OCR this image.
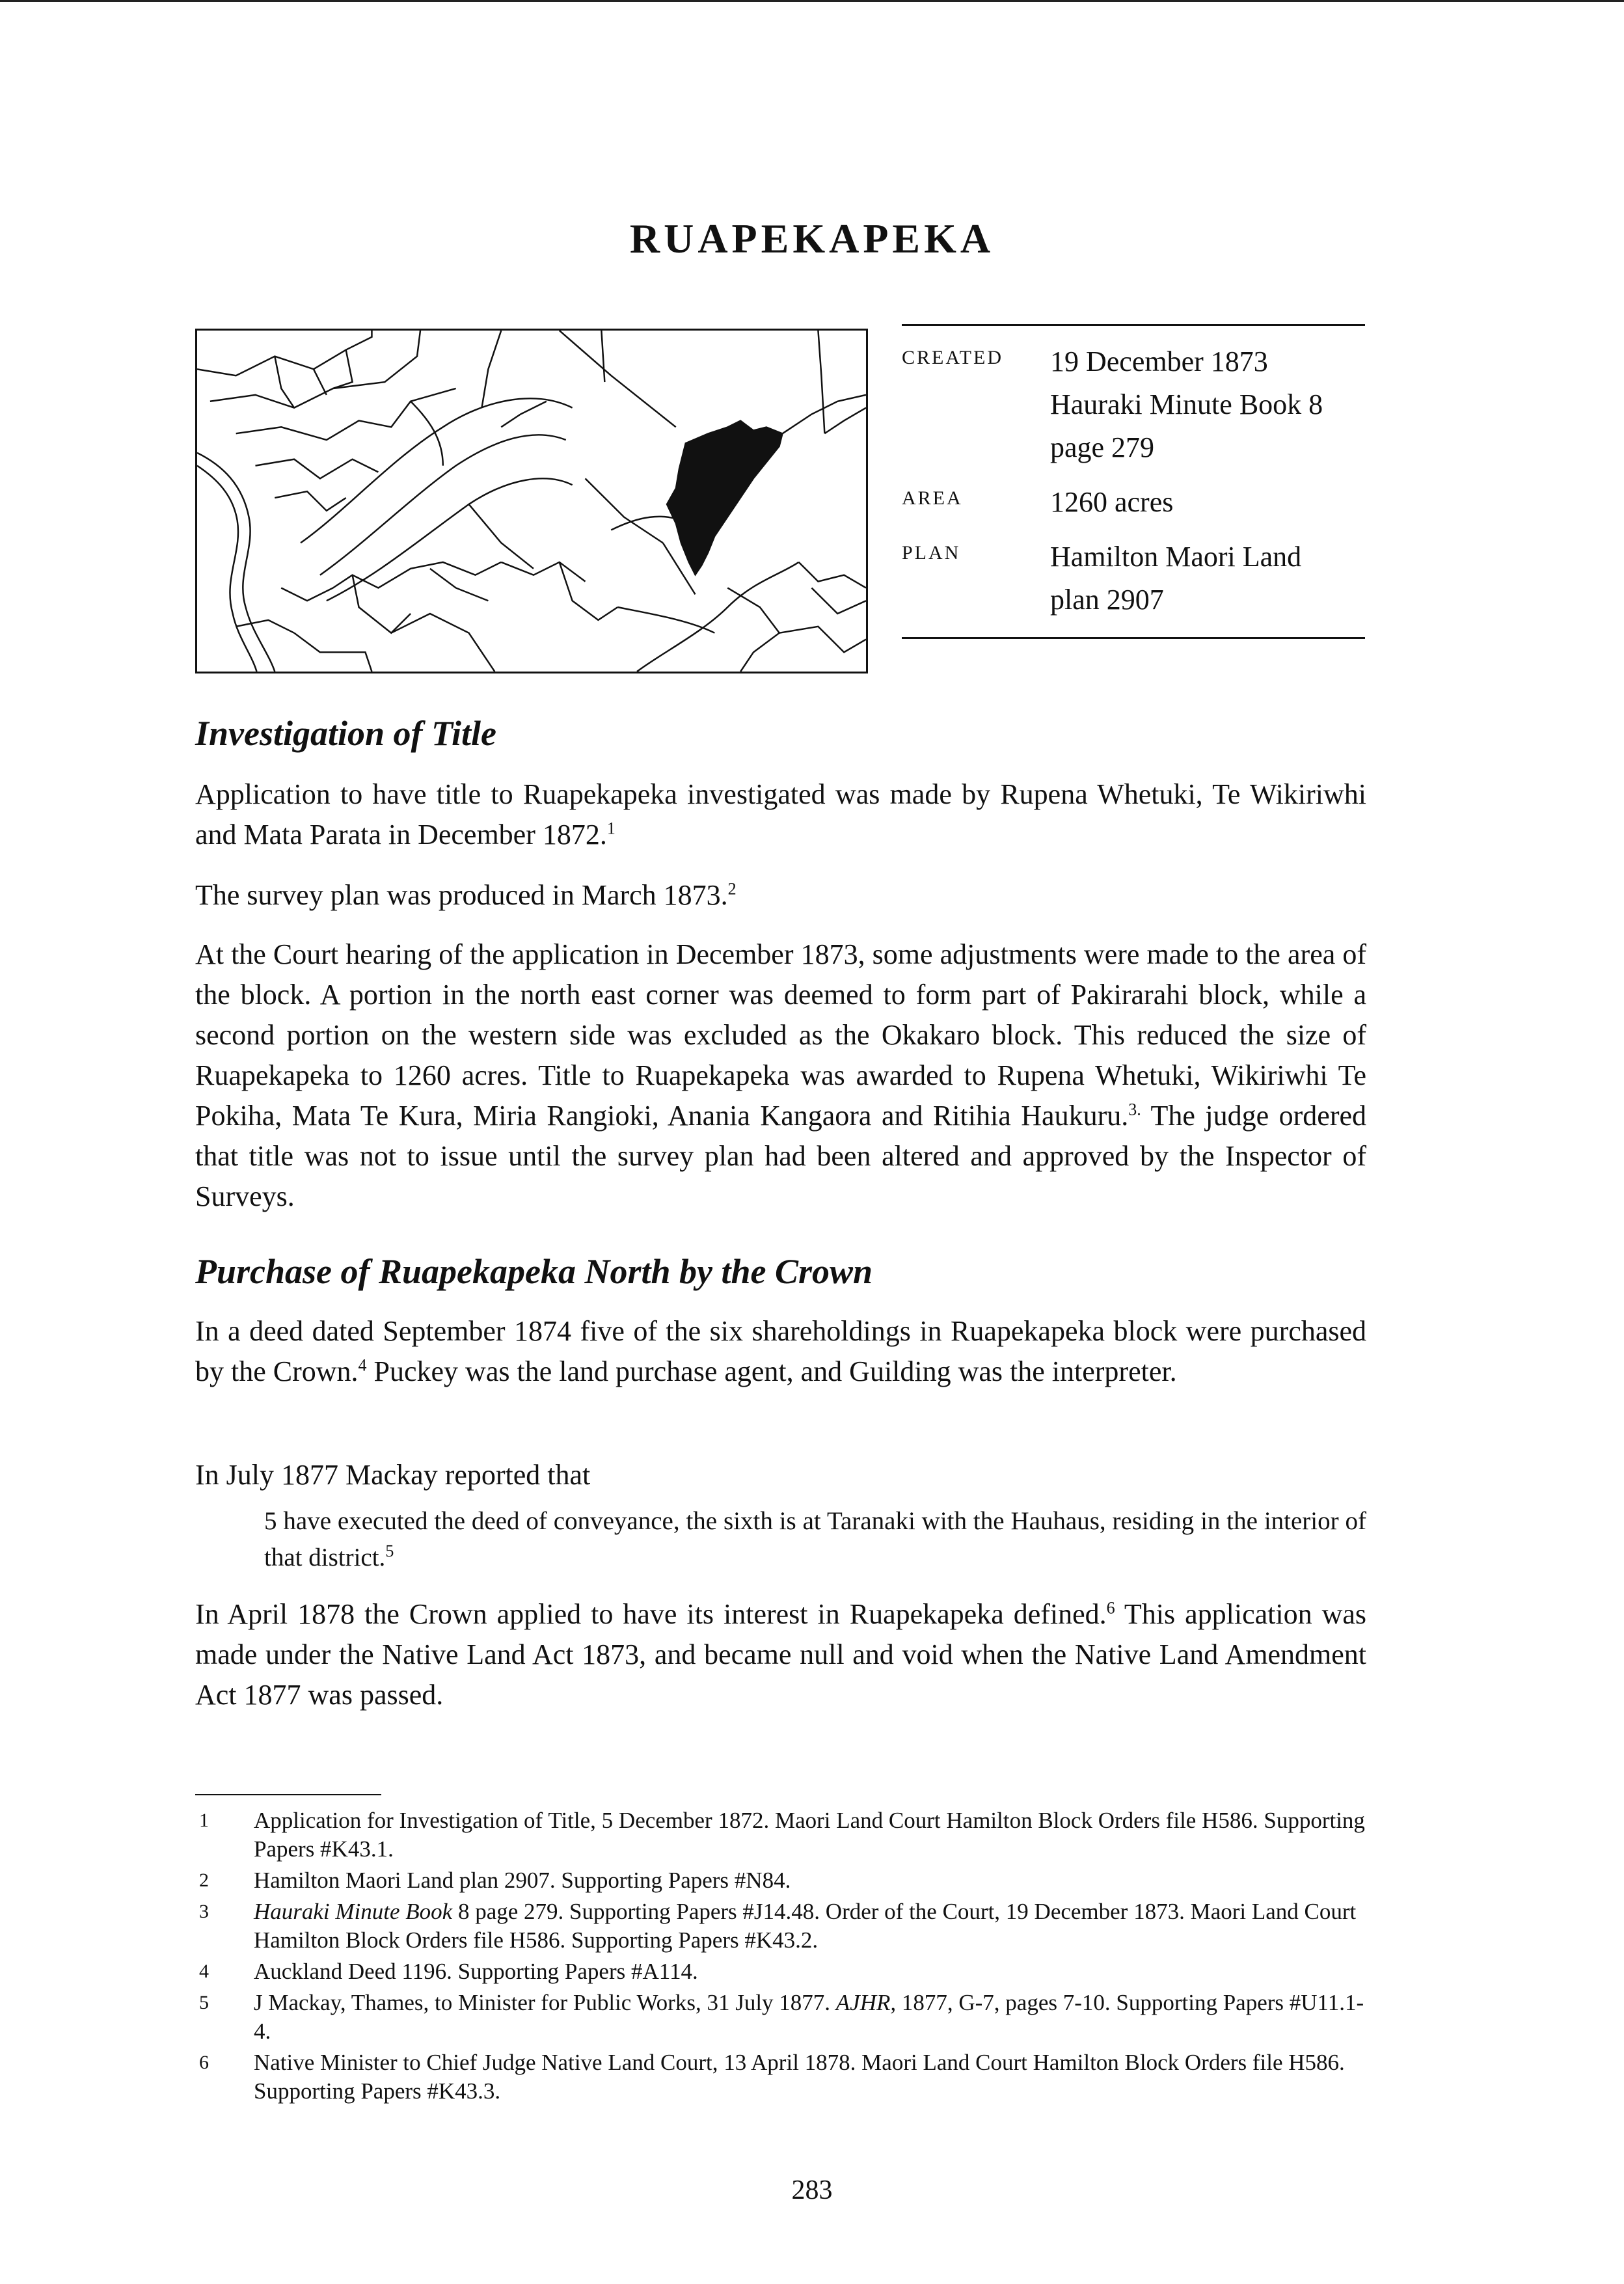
RUAPEKAPEKA
CREATED	19 December 1873
Hauraki Minute Book 8
page 279
AREA	1260 acres
PLAN	Hamilton Maori Land
plan 2907
Investigation of Title

Application to have title to Ruapekapeka investigated was made by Rupena Whetuki, Te Wikiriwhi and Mata Parata in December 1872.$^1$

The survey plan was produced in March 1873.$^2$

At the Court hearing of the application in December 1873, some adjustments were made to the area of the block. A portion in the north east corner was deemed to form part of Pakirarahi block, while a second portion on the western side was excluded as the Okakaro block. This reduced the size of Ruapekapeka to 1260 acres. Title to Ruapekapeka was awarded to Rupena Whetuki, Wikiriwhi Te Pokiha, Mata Te Kura, Miria Rangioki, Anania Kangaora and Ritihia Haukuru.$^{3.}$ The judge ordered that title was not to issue until the survey plan had been altered and approved by the Inspector of Surveys.

Purchase of Ruapekapeka North by the Crown

In a deed dated September 1874 five of the six shareholdings in Ruapekapeka block were purchased by the Crown.$^4$ Puckey was the land purchase agent, and Guilding was the interpreter.

In July 1877 Mackay reported that

5 have executed the deed of conveyance, the sixth is at Taranaki with the Hauhaus, residing in the interior of that district.$^5$

In April 1878 the Crown applied to have its interest in Ruapekapeka defined.$^6$ This application was made under the Native Land Act 1873, and became null and void when the Native Land Amendment Act 1877 was passed.

1	Application for Investigation of Title, 5 December 1872. Maori Land Court Hamilton Block Orders file H586. Supporting Papers #K43.1.
2	Hamilton Maori Land plan 2907. Supporting Papers #N84.
3	Hauraki Minute Book 8 page 279. Supporting Papers #J14.48. Order of the Court, 19 December 1873. Maori Land Court Hamilton Block Orders file H586. Supporting Papers #K43.2.
4	Auckland Deed 1196. Supporting Papers #A114.
5	J Mackay, Thames, to Minister for Public Works, 31 July 1877. AJHR, 1877, G-7, pages 7-10. Supporting Papers #U11.1-4.
6	Native Minister to Chief Judge Native Land Court, 13 April 1878. Maori Land Court Hamilton Block Orders file H586. Supporting Papers #K43.3.
283
